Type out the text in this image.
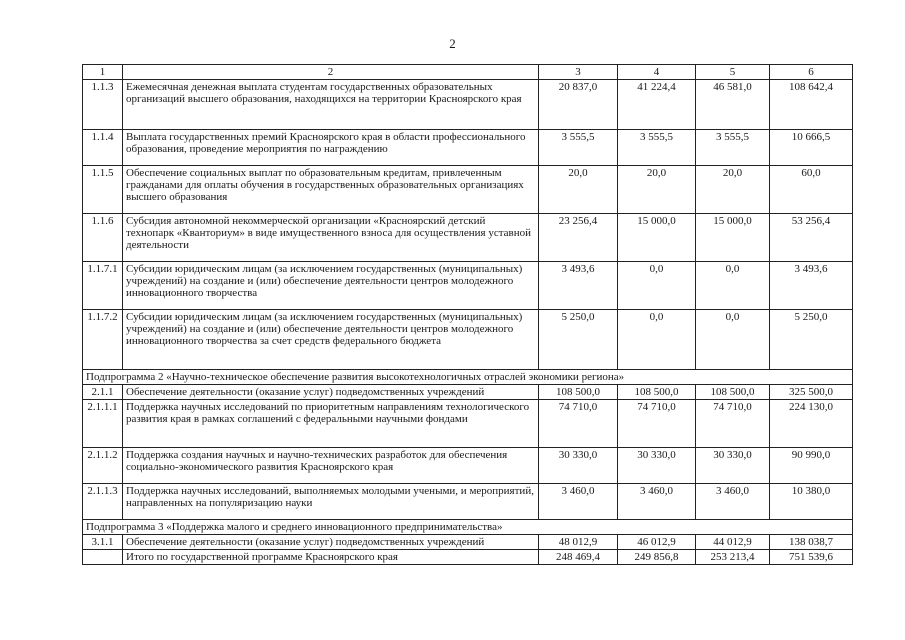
2
1	2	3	4	5	6
1.1.3	Ежемесячная денежная выплата студентам государственных образовательных организаций высшего образования, находящихся на территории Красноярского края	20 837,0	41 224,4	46 581,0	108 642,4
1.1.4	Выплата государственных премий Красноярского края в области профессионального образования, проведение мероприятия по награждению	3 555,5	3 555,5	3 555,5	10 666,5
1.1.5	Обеспечение социальных выплат по образовательным кредитам, привлеченным гражданами для оплаты обучения в государственных образовательных организациях высшего образования	20,0	20,0	20,0	60,0
1.1.6	Субсидия автономной некоммерческой организации «Красноярский детский технопарк «Кванториум» в виде имущественного взноса для осуществления уставной деятельности	23 256,4	15 000,0	15 000,0	53 256,4
1.1.7.1	Субсидии юридическим лицам (за исключением государственных (муниципальных) учреждений) на создание и (или) обеспечение деятельности центров молодежного инновационного творчества	3 493,6	0,0	0,0	3 493,6
1.1.7.2	Субсидии юридическим лицам (за исключением государственных (муниципальных) учреждений) на создание и (или) обеспечение деятельности центров молодежного инновационного творчества за счет средств федерального бюджета	5 250,0	0,0	0,0	5 250,0
Подпрограмма 2 «Научно-техническое обеспечение развития высокотехнологичных отраслей экономики региона»					
2.1.1	Обеспечение деятельности (оказание услуг) подведомственных учреждений	108 500,0	108 500,0	108 500,0	325 500,0
2.1.1.1	Поддержка научных исследований по приоритетным направлениям технологического развития края в рамках соглашений с федеральными научными фондами	74 710,0	74 710,0	74 710,0	224 130,0
2.1.1.2	Поддержка создания научных и научно-технических разработок для обеспечения социально-экономического развития Красноярского края	30 330,0	30 330,0	30 330,0	90 990,0
2.1.1.3	Поддержка научных исследований, выполняемых молодыми учеными, и мероприятий, направленных на популяризацию науки	3 460,0	3 460,0	3 460,0	10 380,0
Подпрограмма 3 «Поддержка малого и среднего инновационного предпринимательства»					
3.1.1	Обеспечение деятельности (оказание услуг) подведомственных учреждений	48 012,9	46 012,9	44 012,9	138 038,7
	Итого по государственной программе Красноярского края	248 469,4	249 856,8	253 213,4	751 539,6
